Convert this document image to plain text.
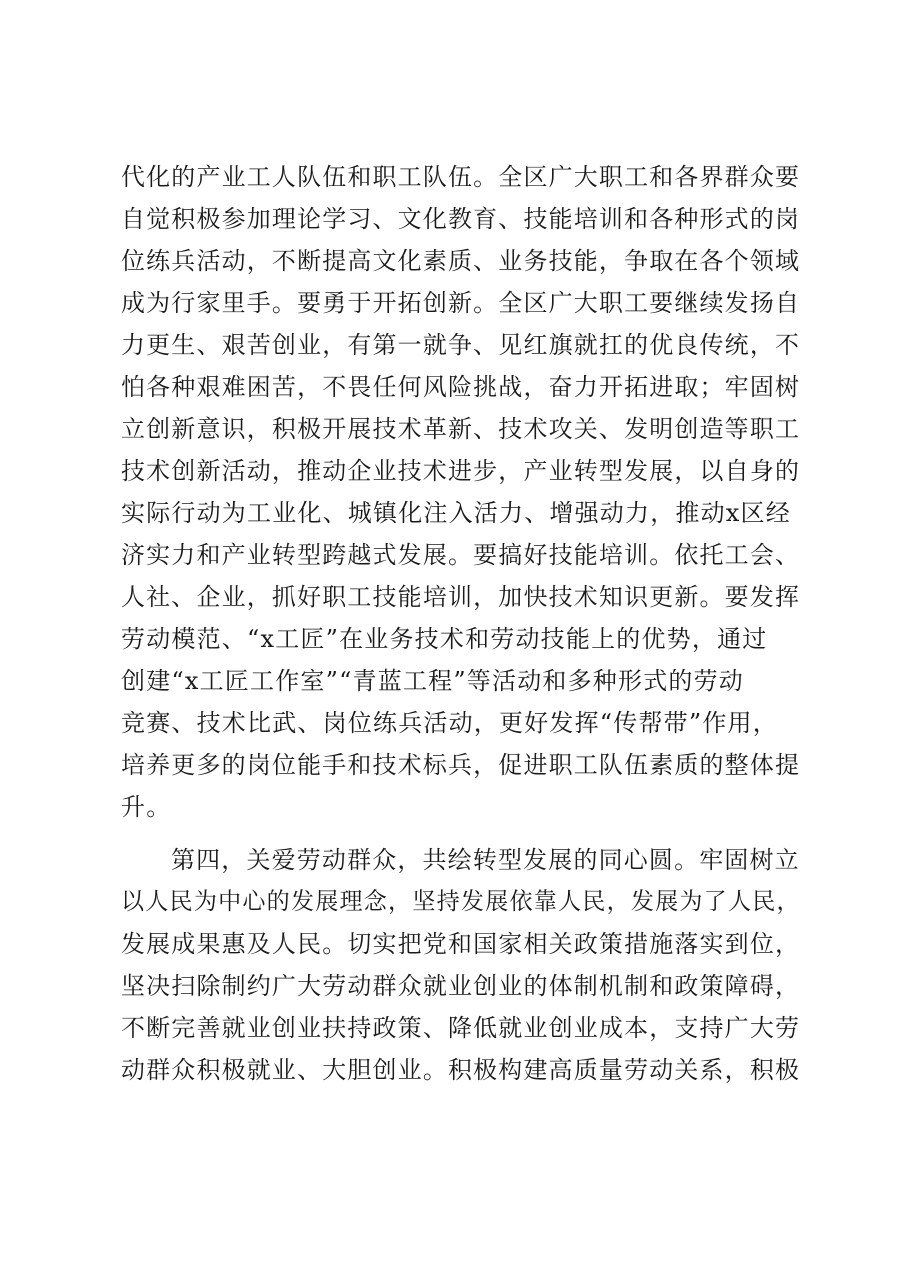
代化的产业工人队伍和职工队伍。全区广大职工和各界群众要
自觉积极参加理论学习、文化教育、技能培训和各种形式的岗
位练兵活动，不断提高文化素质、业务技能，争取在各个领域
成为行家里手。要勇于开拓创新。全区广大职工要继续发扬自
力更生、艰苦创业，有第一就争、见红旗就扛的优良传统，不
怕各种艰难困苦，不畏任何风险挑战，奋力开拓进取；牢固树
立创新意识，积极开展技术革新、技术攻关、发明创造等职工
技术创新活动，推动企业技术进步，产业转型发展，以自身的
实际行动为工业化、城镇化注入活力、增强动力，推动x区经
济实力和产业转型跨越式发展。要搞好技能培训。依托工会、
人社、企业，抓好职工技能培训，加快技术知识更新。要发挥
劳动模范、“x工匠”在业务技术和劳动技能上的优势，通过
创建“x工匠工作室”“青蓝工程”等活动和多种形式的劳动
竞赛、技术比武、岗位练兵活动，更好发挥“传帮带”作用，
培养更多的岗位能手和技术标兵，促进职工队伍素质的整体提
升。
第四，关爱劳动群众，共绘转型发展的同心圆。牢固树立
以人民为中心的发展理念，坚持发展依靠人民，发展为了人民，
发展成果惠及人民。切实把党和国家相关政策措施落实到位，
坚决扫除制约广大劳动群众就业创业的体制机制和政策障碍，
不断完善就业创业扶持政策、降低就业创业成本，支持广大劳
动群众积极就业、大胆创业。积极构建高质量劳动关系，积极
